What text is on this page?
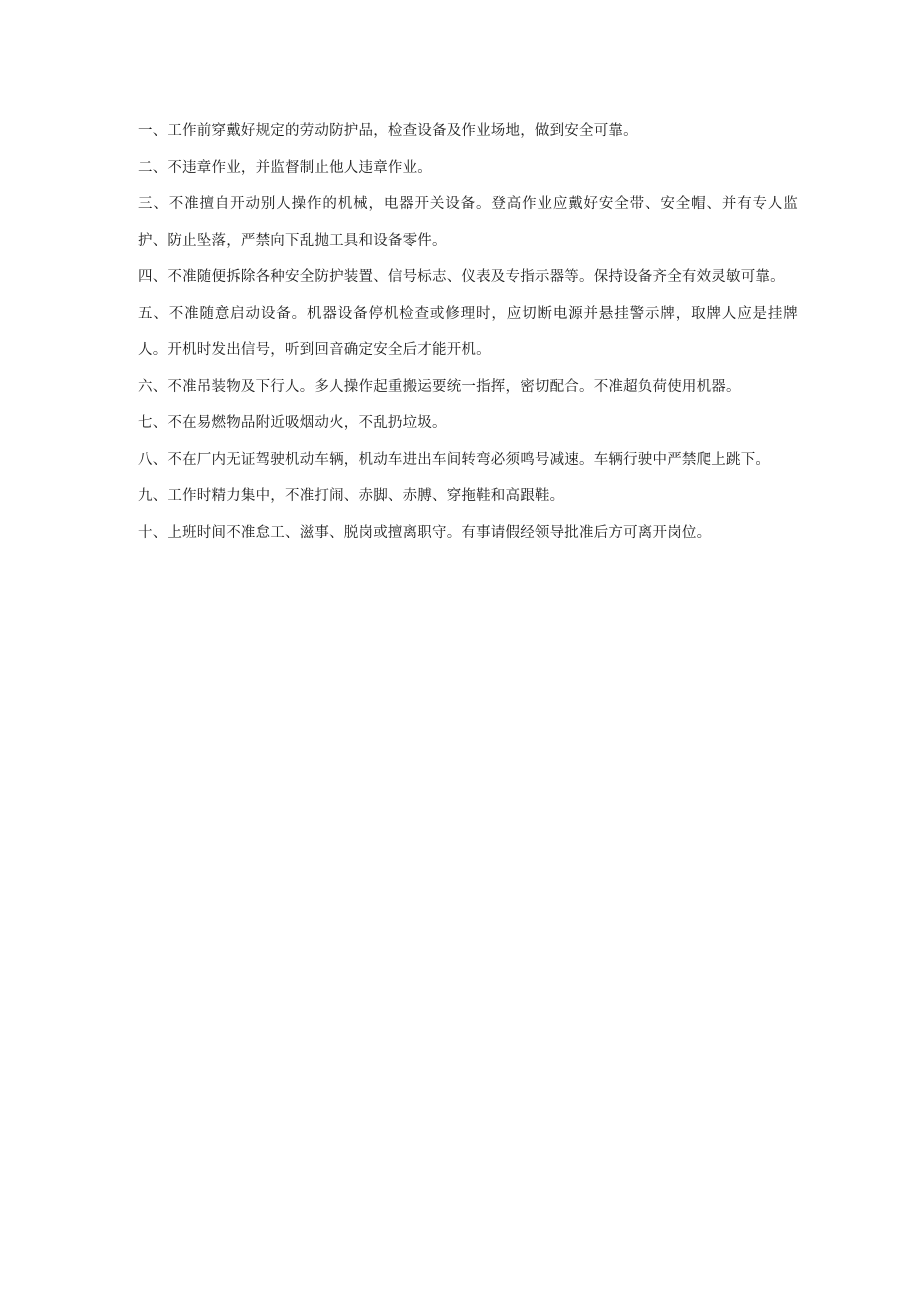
一、工作前穿戴好规定的劳动防护品，检查设备及作业场地，做到安全可靠。

二、不违章作业，并监督制止他人违章作业。

三、不准擅自开动别人操作的机械，电器开关设备。登高作业应戴好安全带、安全帽、并有专人监护、防止坠落，严禁向下乱抛工具和设备零件。

四、不准随便拆除各种安全防护装置、信号标志、仪表及专指示器等。保持设备齐全有效灵敏可靠。

五、不准随意启动设备。机器设备停机检查或修理时，应切断电源并悬挂警示牌，取牌人应是挂牌人。开机时发出信号，听到回音确定安全后才能开机。

六、不准吊装物及下行人。多人操作起重搬运要统一指挥，密切配合。不准超负荷使用机器。

七、不在易燃物品附近吸烟动火，不乱扔垃圾。

八、不在厂内无证驾驶机动车辆，机动车进出车间转弯必须鸣号减速。车辆行驶中严禁爬上跳下。

九、工作时精力集中，不准打闹、赤脚、赤膊、穿拖鞋和高跟鞋。

十、上班时间不准怠工、滋事、脱岗或擅离职守。有事请假经领导批准后方可离开岗位。
